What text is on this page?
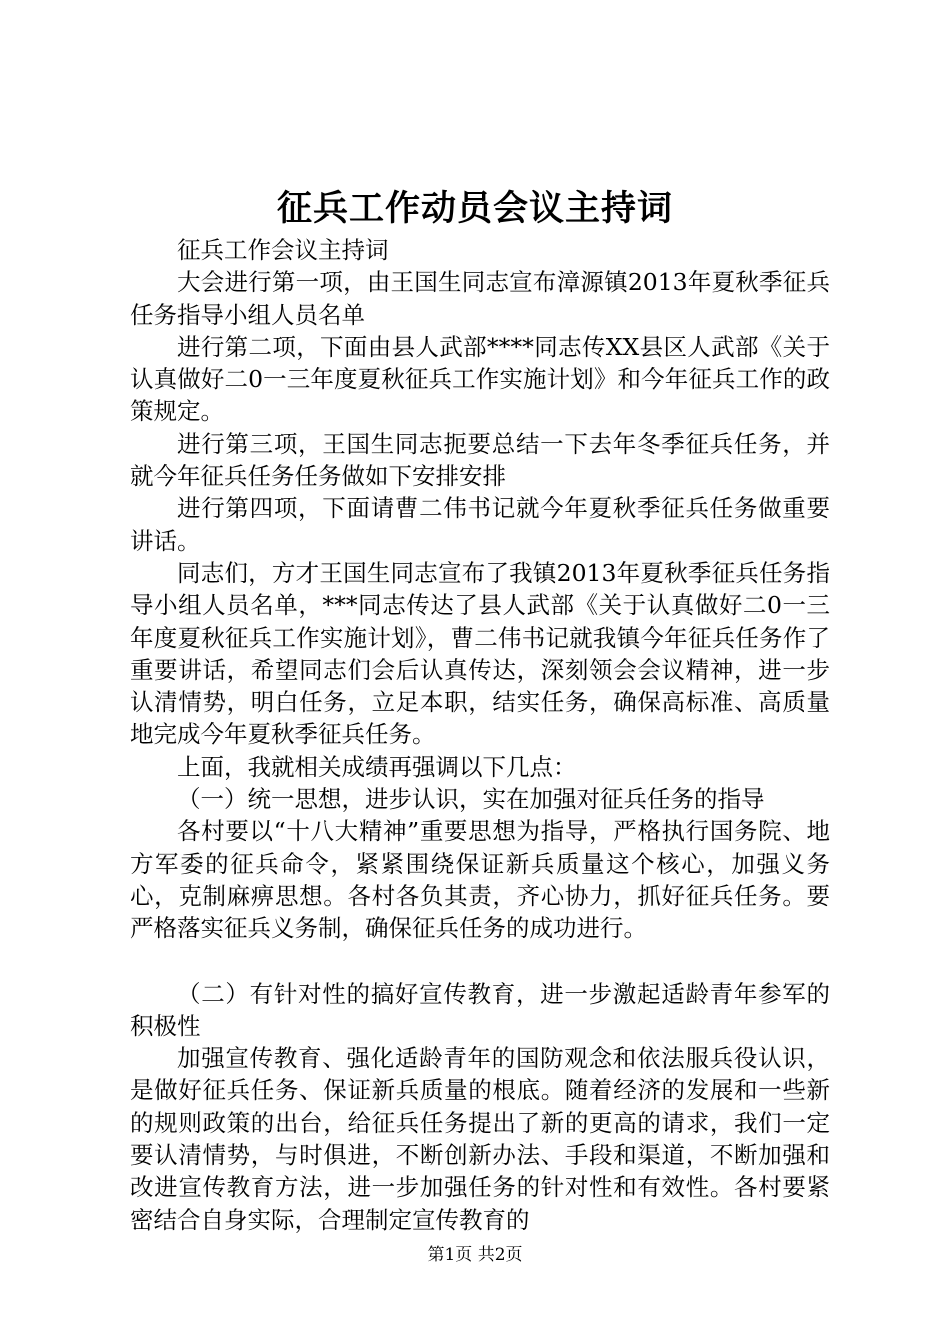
征兵工作动员会议主持词

征兵工作会议主持词

大会进行第一项，由王国生同志宣布漳源镇2013年夏秋季征兵任务指导小组人员名单

进行第二项，下面由县人武部****同志传XX县区人武部《关于认真做好二0一三年度夏秋征兵工作实施计划》和今年征兵工作的政策规定。

进行第三项，王国生同志扼要总结一下去年冬季征兵任务，并就今年征兵任务任务做如下安排安排

进行第四项，下面请曹二伟书记就今年夏秋季征兵任务做重要讲话。

同志们，方才王国生同志宣布了我镇2013年夏秋季征兵任务指导小组人员名单，***同志传达了县人武部《关于认真做好二0一三年度夏秋征兵工作实施计划》，曹二伟书记就我镇今年征兵任务作了重要讲话，希望同志们会后认真传达，深刻领会会议精神，进一步认清情势，明白任务，立足本职，结实任务，确保高标准、高质量地完成今年夏秋季征兵任务。

上面，我就相关成绩再强调以下几点：

（一）统一思想，进步认识，实在加强对征兵任务的指导

各村要以“十八大精神”重要思想为指导，严格执行国务院、地方军委的征兵命令，紧紧围绕保证新兵质量这个核心，加强义务心，克制麻痹思想。各村各负其责，齐心协力，抓好征兵任务。要严格落实征兵义务制，确保征兵任务的成功进行。

（二）有针对性的搞好宣传教育，进一步激起适龄青年参军的积极性

加强宣传教育、强化适龄青年的国防观念和依法服兵役认识，是做好征兵任务、保证新兵质量的根底。随着经济的发展和一些新的规则政策的出台，给征兵任务提出了新的更高的请求，我们一定要认清情势，与时俱进，不断创新办法、手段和渠道，不断加强和改进宣传教育方法，进一步加强任务的针对性和有效性。各村要紧密结合自身实际，合理制定宣传教育的

第1页 共2页
